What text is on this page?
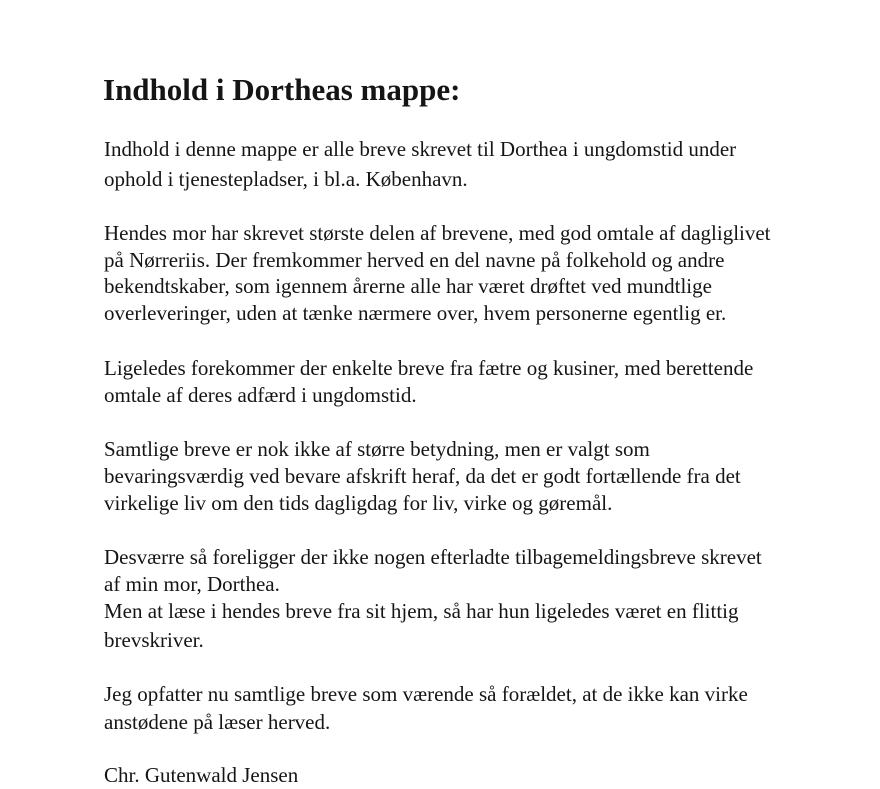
Indhold i Dortheas mappe:

Indhold i denne mappe er alle breve skrevet til Dorthea i ungdomstid under

ophold i tjenestepladser, i bl.a. København.

Hendes mor har skrevet største delen af brevene, med god omtale af dagliglivet

på Nørreriis. Der fremkommer herved en del navne på folkehold og andre

bekendtskaber, som igennem årerne alle har været drøftet ved mundtlige

overleveringer, uden at tænke nærmere over, hvem personerne egentlig er.

Ligeledes forekommer der enkelte breve fra fætre og kusiner, med berettende

omtale af deres adfærd i ungdomstid.

Samtlige breve er nok ikke af større betydning, men er valgt som

bevaringsværdig ved bevare afskrift heraf, da det er godt fortællende fra det

virkelige liv om den tids dagligdag for liv, virke og gøremål.

Desværre så foreligger der ikke nogen efterladte tilbagemeldingsbreve skrevet

af min mor, Dorthea.

Men at læse i hendes breve fra sit hjem, så har hun ligeledes været en flittig

brevskriver.

Jeg opfatter nu samtlige breve som værende så forældet, at de ikke kan virke

anstødene på læser herved.

Chr. Gutenwald Jensen
